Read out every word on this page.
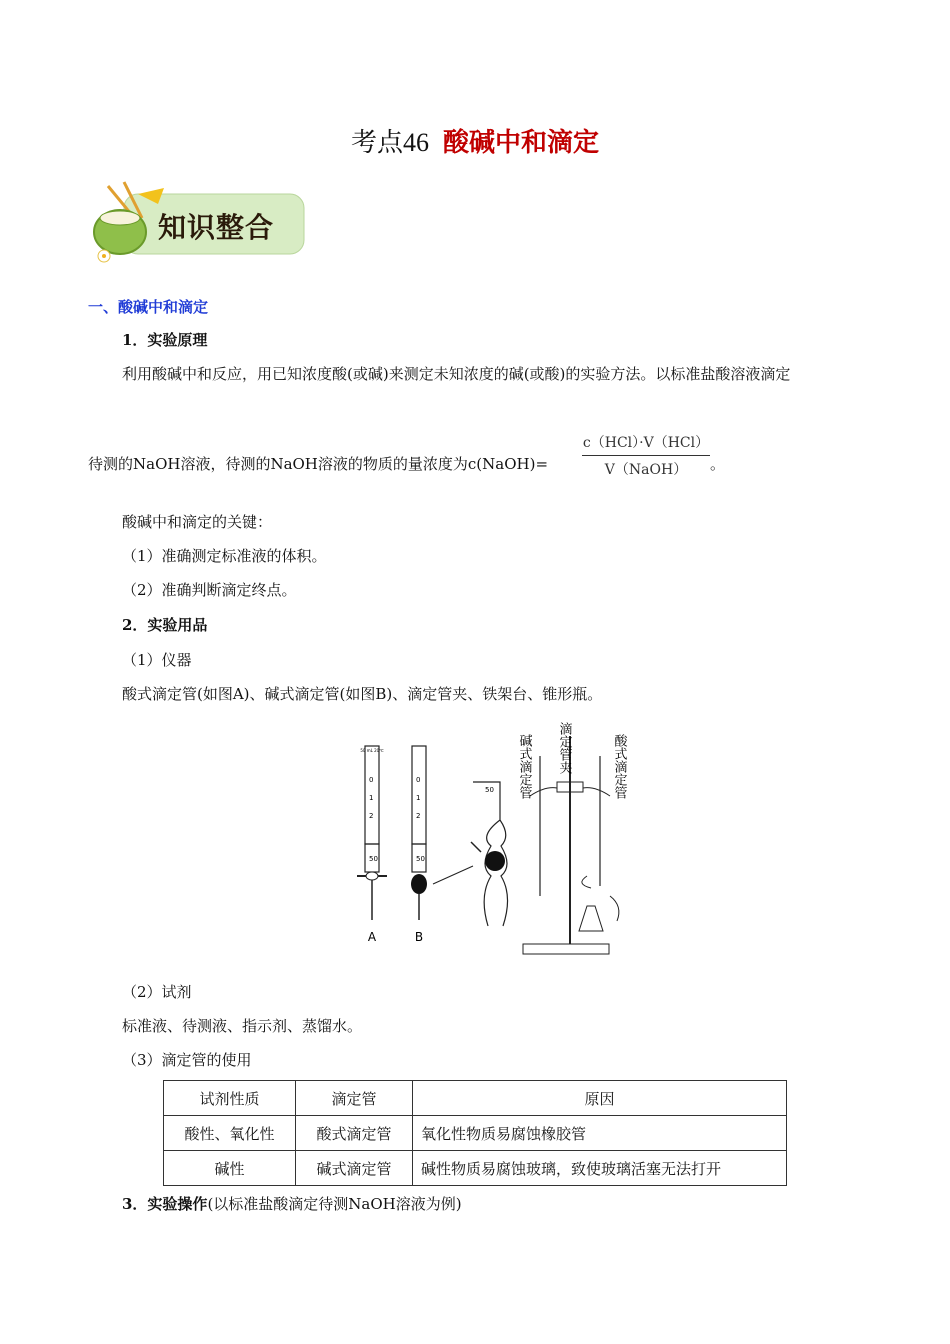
考点46 酸碱中和滴定
知识整合
一、酸碱中和滴定
1．实验原理
利用酸碱中和反应，用已知浓度酸(或碱)来测定未知浓度的碱(或酸)的实验方法。以标准盐酸溶液滴定
待测的NaOH溶液，待测的NaOH溶液的物质的量浓度为c(NaOH)=
c（HCl）·V（HCl）
V（NaOH）	。
酸碱中和滴定的关键：
（1）准确测定标准液的体积。
（2）准确判断滴定终点。
2．实验用品
（1）仪器
酸式滴定管(如图A)、碱式滴定管(如图B)、滴定管夹、铁架台、锥形瓶。
50 mL 20℃
0
1
2
50
A
0
1
2
50
B
50 碱式滴定管 滴定管夹	酸式滴定管
（2）试剂
标准液、待测液、指示剂、蒸馏水。
（3）滴定管的使用
试剂性质	滴定管	原因
酸性、氧化性	酸式滴定管	氧化性物质易腐蚀橡胶管
碱性	碱式滴定管	碱性物质易腐蚀玻璃，致使玻璃活塞无法打开
3．实验操作(以标准盐酸滴定待测NaOH溶液为例)
